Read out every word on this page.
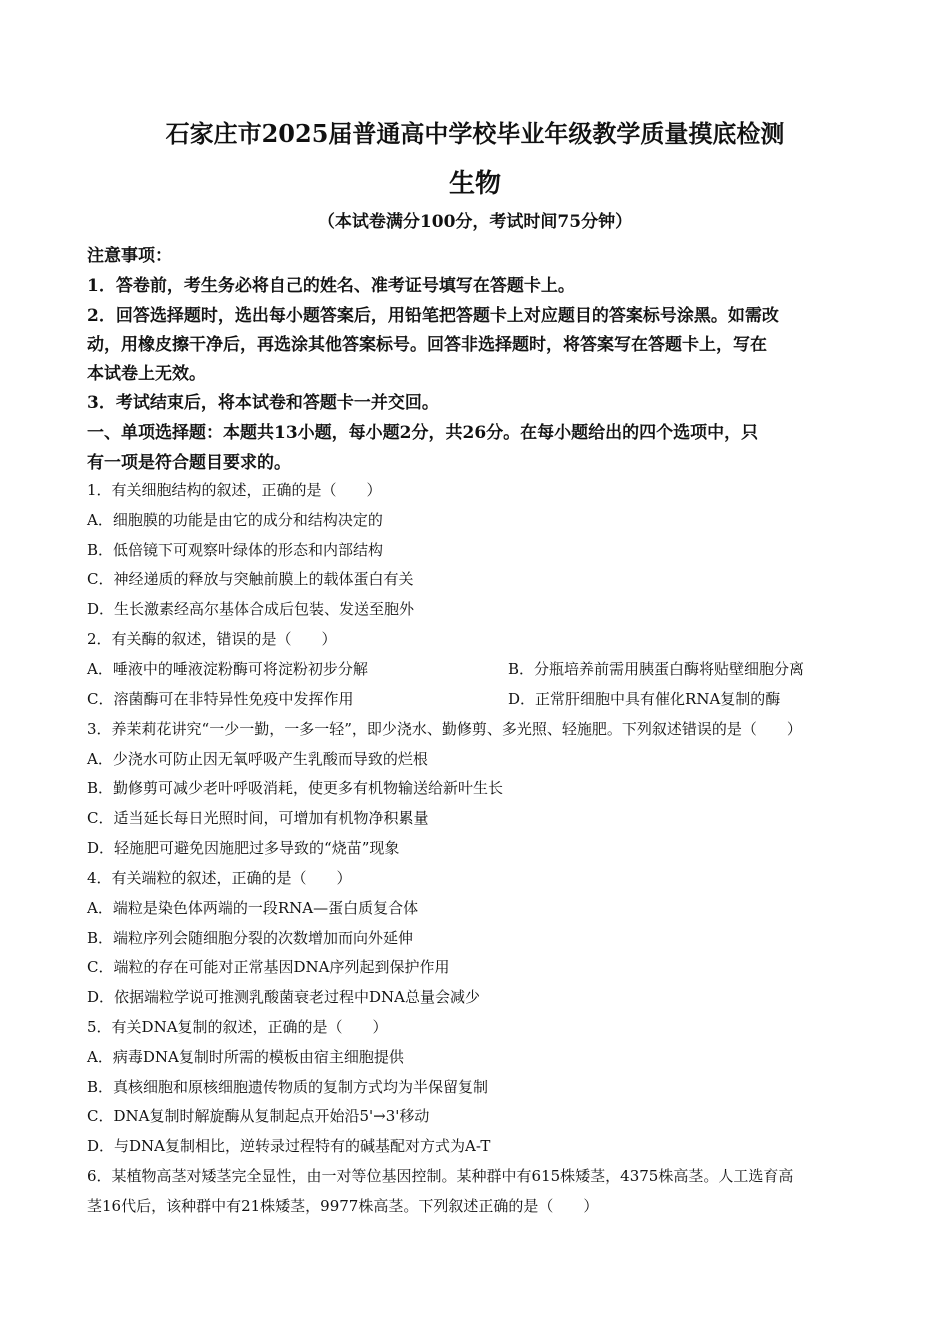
石家庄市2025届普通高中学校毕业年级教学质量摸底检测
生物
（本试卷满分100分，考试时间75分钟）
注意事项：
1．答卷前，考生务必将自己的姓名、准考证号填写在答题卡上。
2．回答选择题时，选出每小题答案后，用铅笔把答题卡上对应题目的答案标号涂黑。如需改
动，用橡皮擦干净后，再选涂其他答案标号。回答非选择题时，将答案写在答题卡上，写在
本试卷上无效。
3．考试结束后，将本试卷和答题卡一并交回。
一、单项选择题：本题共13小题，每小题2分，共26分。在每小题给出的四个选项中，只
有一项是符合题目要求的。
1．有关细胞结构的叙述，正确的是（　　）
A．细胞膜的功能是由它的成分和结构决定的
B．低倍镜下可观察叶绿体的形态和内部结构
C．神经递质的释放与突触前膜上的载体蛋白有关
D．生长激素经高尔基体合成后包装、发送至胞外
2．有关酶的叙述，错误的是（　　）
A．唾液中的唾液淀粉酶可将淀粉初步分解	B．分瓶培养前需用胰蛋白酶将贴壁细胞分离
C．溶菌酶可在非特异性免疫中发挥作用	D．正常肝细胞中具有催化RNA复制的酶
3．养茉莉花讲究“一少一勤，一多一轻”，即少浇水、勤修剪、多光照、轻施肥。下列叙述错误的是（　　）
A．少浇水可防止因无氧呼吸产生乳酸而导致的烂根
B．勤修剪可减少老叶呼吸消耗，使更多有机物输送给新叶生长
C．适当延长每日光照时间，可增加有机物净积累量
D．轻施肥可避免因施肥过多导致的“烧苗”现象
4．有关端粒的叙述，正确的是（　　）
A．端粒是染色体两端的一段RNA—蛋白质复合体
B．端粒序列会随细胞分裂的次数增加而向外延伸
C．端粒的存在可能对正常基因DNA序列起到保护作用
D．依据端粒学说可推测乳酸菌衰老过程中DNA总量会减少
5．有关DNA复制的叙述，正确的是（　　）
A．病毒DNA复制时所需的模板由宿主细胞提供
B．真核细胞和原核细胞遗传物质的复制方式均为半保留复制
C．DNA复制时解旋酶从复制起点开始沿5'→3'移动
D．与DNA复制相比，逆转录过程特有的碱基配对方式为A-T
6．某植物高茎对矮茎完全显性，由一对等位基因控制。某种群中有615株矮茎，4375株高茎。人工选育高
茎16代后，该种群中有21株矮茎，9977株高茎。下列叙述正确的是（　　）
